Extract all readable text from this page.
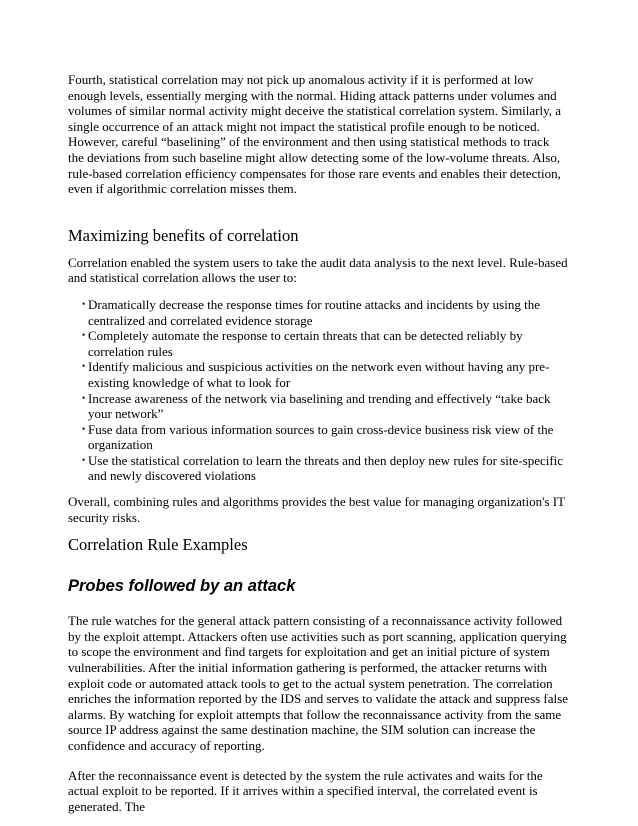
Fourth, statistical correlation may not pick up anomalous activity if it is performed at low enough levels, essentially merging with the normal. Hiding attack patterns under volumes and volumes of similar normal activity might deceive the statistical correlation system. Similarly, a single occurrence of an attack might not impact the statistical profile enough to be noticed. However, careful “baselining” of the environment and then using statistical methods to track the deviations from such baseline might allow detecting some of the low-volume threats. Also, rule-based correlation efficiency compensates for those rare events and enables their detection, even if algorithmic correlation misses them.

Maximizing benefits of correlation

Correlation enabled the system users to take the audit data analysis to the next level. Rule-based and statistical correlation allows the user to:

• Dramatically decrease the response times for routine attacks and incidents by using the centralized and correlated evidence storage
• Completely automate the response to certain threats that can be detected reliably by correlation rules
• Identify malicious and suspicious activities on the network even without having any pre-existing knowledge of what to look for
• Increase awareness of the network via baselining and trending and effectively “take back your network”
• Fuse data from various information sources to gain cross-device business risk view of the organization
• Use the statistical correlation to learn the threats and then deploy new rules for site-specific and newly discovered violations

Overall, combining rules and algorithms provides the best value for managing organization's IT security risks.

Correlation Rule Examples
Probes followed by an attack

The rule watches for the general attack pattern consisting of a reconnaissance activity followed by the exploit attempt. Attackers often use activities such as port scanning, application querying to scope the environment and find targets for exploitation and get an initial picture of system vulnerabilities. After the initial information gathering is performed, the attacker returns with exploit code or automated attack tools to get to the actual system penetration. The correlation enriches the information reported by the IDS and serves to validate the attack and suppress false alarms. By watching for exploit attempts that follow the reconnaissance activity from the same source IP address against the same destination machine, the SIM solution can increase the confidence and accuracy of reporting.

After the reconnaissance event is detected by the system the rule activates and waits for the actual exploit to be reported. If it arrives within a specified interval, the correlated event is generated. The
